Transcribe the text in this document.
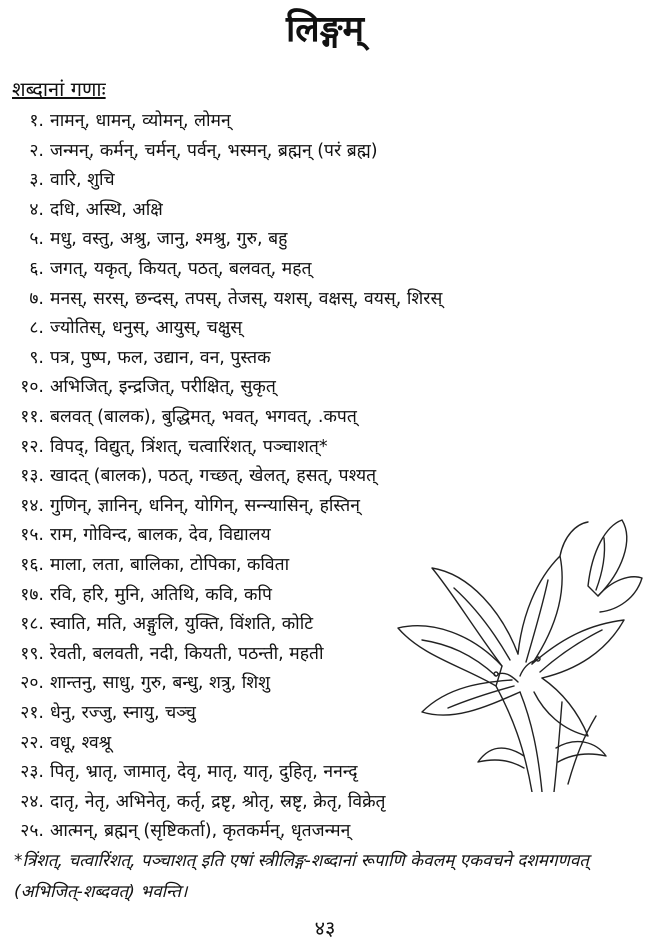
लिङ्गम्
शब्दानां गणाः
१. नामन्, धामन्, व्योमन्, लोमन्
२. जन्मन्, कर्मन्, चर्मन्, पर्वन्, भस्मन्, ब्रह्मन् (परं ब्रह्म)
३. वारि, शुचि
४. दधि, अस्थि, अक्षि
५. मधु, वस्तु, अश्रु, जानु, श्मश्रु, गुरु, बहु
६. जगत्, यकृत्, कियत्, पठत्, बलवत्, महत्
७. मनस्, सरस्, छन्दस्, तपस्, तेजस्, यशस्, वक्षस्, वयस्, शिरस्
८. ज्योतिस्, धनुस्, आयुस्, चक्षुस्
९. पत्र, पुष्प, फल, उद्यान, वन, पुस्तक
१०. अभिजित्, इन्द्रजित्, परीक्षित्, सुकृत्
११. बलवत् (बालक), बुद्धिमत्, भवत्, भगवत्, .कपत्
१२. विपद्, विद्युत्, त्रिंशत्, चत्वारिंशत्, पञ्चाशत्*
१३. खादत् (बालक), पठत्, गच्छत्, खेलत्, हसत्, पश्यत्
१४. गुणिन्, ज्ञानिन्, धनिन्, योगिन्, सन्न्यासिन्, हस्तिन्
१५. राम, गोविन्द, बालक, देव, विद्यालय
१६. माला, लता, बालिका, टोपिका, कविता
१७. रवि, हरि, मुनि, अतिथि, कवि, कपि
१८. स्वाति, मति, अङ्गुलि, युक्ति, विंशति, कोटि
१९. रेवती, बलवती, नदी, कियती, पठन्ती, महती
२०. शान्तनु, साधु, गुरु, बन्धु, शत्रु, शिशु
२१. धेनु, रज्जु, स्नायु, चञ्चु
२२. वधू, श्वश्रू
२३. पितृ, भ्रातृ, जामातृ, देवृ, मातृ, यातृ, दुहितृ, ननन्दृ
२४. दातृ, नेतृ, अभिनेतृ, कर्तृ, द्रष्टृ, श्रोतृ, स्रष्टृ, क्रेतृ, विक्रेतृ
२५. आत्मन्, ब्रह्मन् (सृष्टिकर्ता), कृतकर्मन्, धृतजन्मन्
*त्रिंशत्, चत्वारिंशत्, पञ्चाशत् इति एषां स्त्रीलिङ्ग-शब्दानां रूपाणि केवलम् एकवचने दशमगणवत् (अभिजित्-शब्दवत्) भवन्ति।
४३
